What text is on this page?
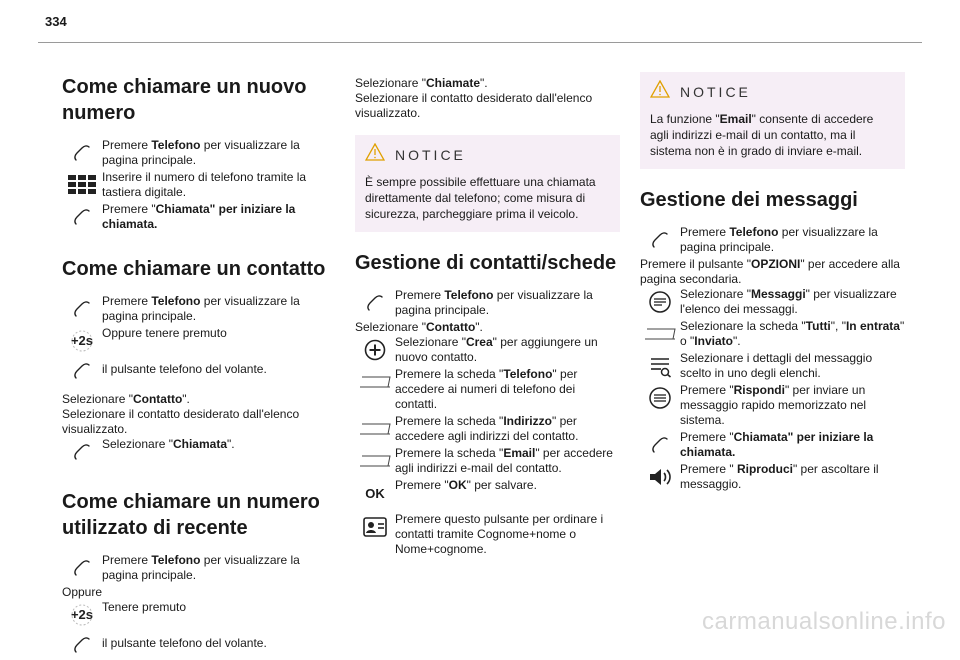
334
Come chiamare un nuovo numero
Premere Telefono per visualizzare la pagina principale.
Inserire il numero di telefono tramite la tastiera digitale.
Premere "Chiamata" per iniziare la chiamata.
Come chiamare un contatto
Premere Telefono per visualizzare la pagina principale.
+2s Oppure tenere premuto
il pulsante telefono del volante.

Selezionare "Contatto".

Selezionare il contatto desiderato dall'elenco visualizzato.

Selezionare "Chiamata".
Come chiamare un numero utilizzato di recente
Premere Telefono per visualizzare la pagina principale.

Oppure

+2s Tenere premuto
il pulsante telefono del volante.

Selezionare "Chiamate".

Selezionare il contatto desiderato dall'elenco visualizzato.

NOTICE

È sempre possibile effettuare una chiamata direttamente dal telefono; come misura di sicurezza, parcheggiare prima il veicolo.

Gestione di contatti/schede
Premere Telefono per visualizzare la pagina principale.

Selezionare "Contatto".

Selezionare "Crea" per aggiungere un nuovo contatto.
Premere la scheda "Telefono" per accedere ai numeri di telefono dei contatti.
Premere la scheda "Indirizzo" per accedere agli indirizzi del contatto.
Premere la scheda "Email" per accedere agli indirizzi e-mail del contatto.
OK
Premere "OK" per salvare.
Premere questo pulsante per ordinare i contatti tramite Cognome+nome o Nome+cognome.
NOTICE

La funzione "Email" consente di accedere agli indirizzi e-mail di un contatto, ma il sistema non è in grado di inviare e-mail.

Gestione dei messaggi
Premere Telefono per visualizzare la pagina principale.

Premere il pulsante "OPZIONI" per accedere alla pagina secondaria.

Selezionare "Messaggi" per visualizzare l'elenco dei messaggi.
Selezionare la scheda "Tutti", "In entrata" o "Inviato".
Selezionare i dettagli del messaggio scelto in uno degli elenchi.
Premere "Rispondi" per inviare un messaggio rapido memorizzato nel sistema.
Premere "Chiamata" per iniziare la chiamata.
Premere " Riproduci" per ascoltare il messaggio.
carmanualsonline.info
